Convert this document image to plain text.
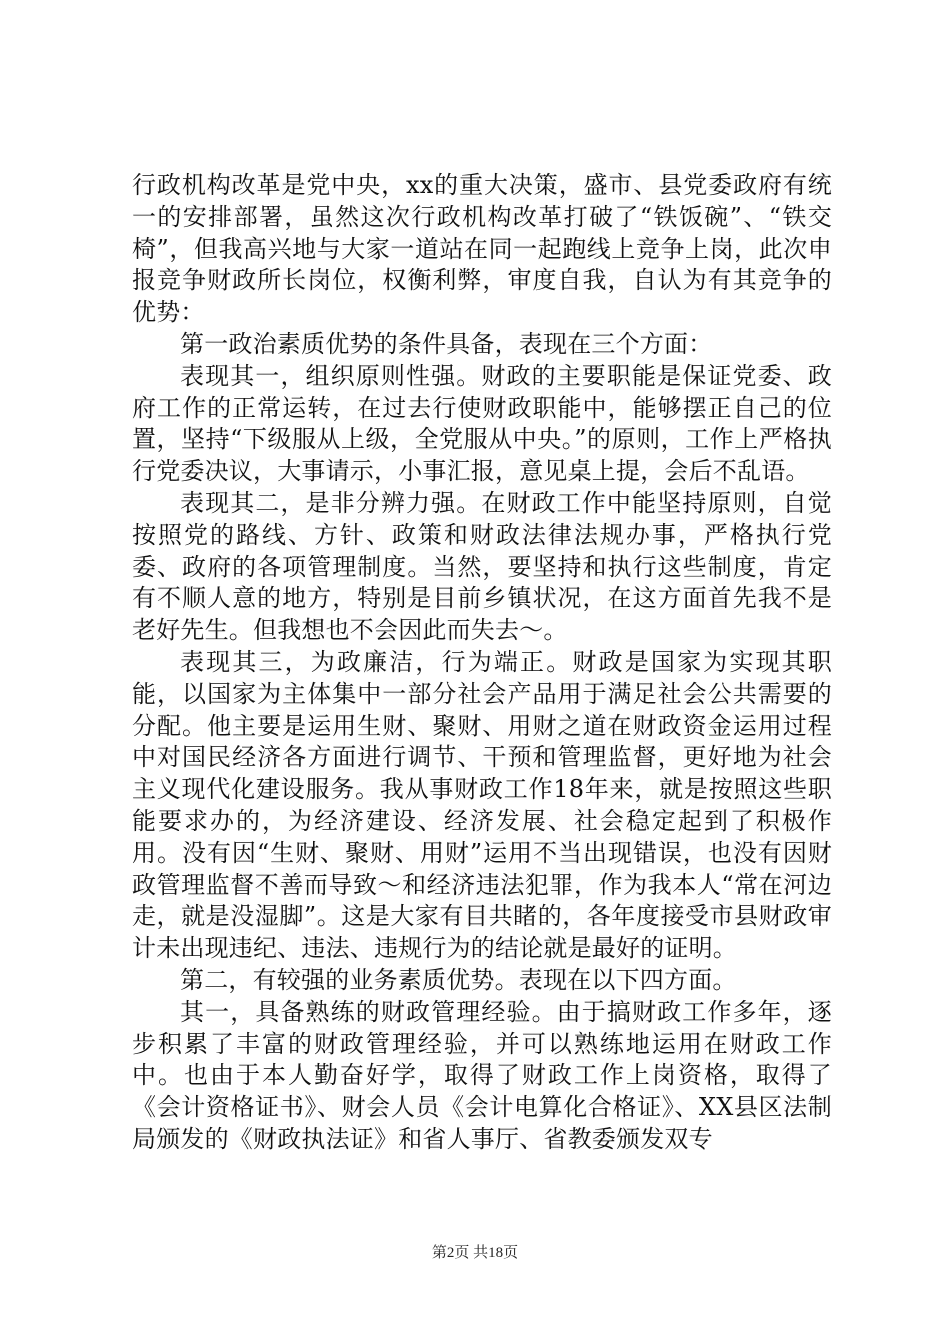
行政机构改革是党中央，xx的重大决策，盛市、县党委政府有统一的安排部署，虽然这次行政机构改革打破了“铁饭碗”、“铁交椅”，但我高兴地与大家一道站在同一起跑线上竞争上岗，此次申报竞争财政所长岗位，权衡利弊，审度自我，自认为有其竞争的优势：

第一政治素质优势的条件具备，表现在三个方面：

表现其一，组织原则性强。财政的主要职能是保证党委、政府工作的正常运转，在过去行使财政职能中，能够摆正自己的位置，坚持“下级服从上级，全党服从中央。”的原则，工作上严格执行党委决议，大事请示，小事汇报，意见桌上提，会后不乱语。

表现其二，是非分辨力强。在财政工作中能坚持原则，自觉按照党的路线、方针、政策和财政法律法规办事，严格执行党委、政府的各项管理制度。当然，要坚持和执行这些制度，肯定有不顺人意的地方，特别是目前乡镇状况，在这方面首先我不是老好先生。但我想也不会因此而失去～。

表现其三，为政廉洁，行为端正。财政是国家为实现其职能，以国家为主体集中一部分社会产品用于满足社会公共需要的分配。他主要是运用生财、聚财、用财之道在财政资金运用过程中对国民经济各方面进行调节、干预和管理监督，更好地为社会主义现代化建设服务。我从事财政工作18年来，就是按照这些职能要求办的，为经济建设、经济发展、社会稳定起到了积极作用。没有因“生财、聚财、用财”运用不当出现错误，也没有因财政管理监督不善而导致～和经济违法犯罪，作为我本人“常在河边走，就是没湿脚”。这是大家有目共睹的，各年度接受市县财政审计未出现违纪、违法、违规行为的结论就是最好的证明。

第二，有较强的业务素质优势。表现在以下四方面。

其一，具备熟练的财政管理经验。由于搞财政工作多年，逐步积累了丰富的财政管理经验，并可以熟练地运用在财政工作中。也由于本人勤奋好学，取得了财政工作上岗资格，取得了《会计资格证书》、财会人员《会计电算化合格证》、XX县区法制局颁发的《财政执法证》和省人事厅、省教委颁发双专

第2页 共18页
